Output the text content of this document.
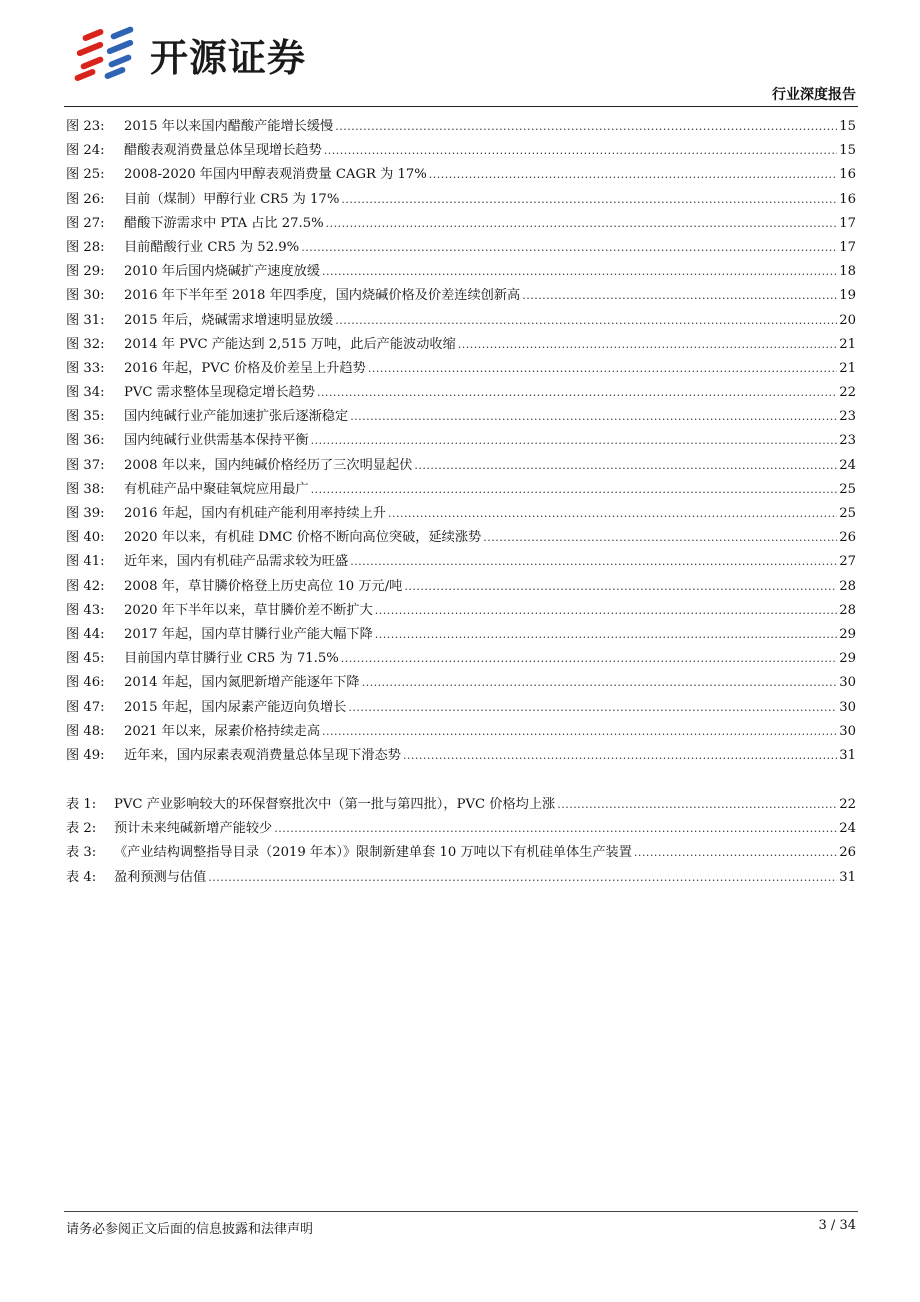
开源证券
行业深度报告
图 23:	2015 年以来国内醋酸产能增长缓慢 .....	15
图 24:	醋酸表观消费量总体呈现增长趋势 .....	15
图 25:	2008-2020 年国内甲醇表观消费量 CAGR 为 17% .....	16
图 26:	目前（煤制）甲醇行业 CR5 为 17% .....	16
图 27:	醋酸下游需求中 PTA 占比 27.5% .....	17
图 28:	目前醋酸行业 CR5 为 52.9% .....	17
图 29:	2010 年后国内烧碱扩产速度放缓 .....	18
图 30:	2016 年下半年至 2018 年四季度，国内烧碱价格及价差连续创新高 .....	19
图 31:	2015 年后，烧碱需求增速明显放缓 .....	20
图 32:	2014 年 PVC 产能达到 2,515 万吨，此后产能波动收缩 .....	21
图 33:	2016 年起，PVC 价格及价差呈上升趋势 .....	21
图 34:	PVC 需求整体呈现稳定增长趋势 .....	22
图 35:	国内纯碱行业产能加速扩张后逐渐稳定 .....	23
图 36:	国内纯碱行业供需基本保持平衡 .....	23
图 37:	2008 年以来，国内纯碱价格经历了三次明显起伏 .....	24
图 38:	有机硅产品中聚硅氧烷应用最广 .....	25
图 39:	2016 年起，国内有机硅产能利用率持续上升 .....	25
图 40:	2020 年以来，有机硅 DMC 价格不断向高位突破，延续涨势 .....	26
图 41:	近年来，国内有机硅产品需求较为旺盛 .....	27
图 42:	2008 年，草甘膦价格登上历史高位 10 万元/吨 .....	28
图 43:	2020 年下半年以来，草甘膦价差不断扩大 .....	28
图 44:	2017 年起，国内草甘膦行业产能大幅下降 .....	29
图 45:	目前国内草甘膦行业 CR5 为 71.5% .....	29
图 46:	2014 年起，国内氮肥新增产能逐年下降 .....	30
图 47:	2015 年起，国内尿素产能迈向负增长 .....	30
图 48:	2021 年以来，尿素价格持续走高 .....	30
图 49:	近年来，国内尿素表观消费量总体呈现下滑态势 .....	31
表 1:	PVC 产业影响较大的环保督察批次中（第一批与第四批），PVC 价格均上涨 .....	22
表 2:	预计未来纯碱新增产能较少 .....	24
表 3:	《产业结构调整指导目录（2019 年本）》限制新建单套 10 万吨以下有机硅单体生产装置 .....	26
表 4:	盈利预测与估值 .....	31
请务必参阅正文后面的信息披露和法律声明	3 / 34
